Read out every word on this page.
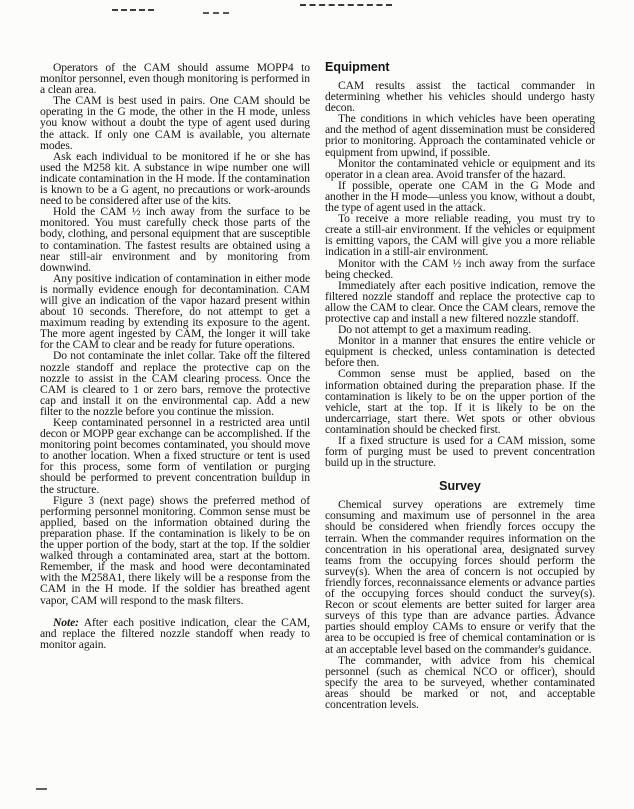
Operators of the CAM should assume MOPP4 to monitor personnel, even though monitoring is performed in a clean area.

The CAM is best used in pairs. One CAM should be operating in the G mode, the other in the H mode, unless you know without a doubt the type of agent used during the attack. If only one CAM is available, you alternate modes.

Ask each individual to be monitored if he or she has used the M258 kit. A substance in wipe number one will indicate contamination in the H mode. If the contamination is known to be a G agent, no precautions or work-arounds need to be considered after use of the kits.

Hold the CAM ½ inch away from the surface to be monitored. You must carefully check those parts of the body, clothing, and personal equipment that are susceptible to contamination. The fastest results are obtained using a near still-air environment and by monitoring from downwind.

Any positive indication of contamination in either mode is normally evidence enough for decontamination. CAM will give an indication of the vapor hazard present within about 10 seconds. Therefore, do not attempt to get a maximum reading by extending its exposure to the agent. The more agent ingested by CAM, the longer it will take for the CAM to clear and be ready for future operations.

Do not contaminate the inlet collar. Take off the filtered nozzle standoff and replace the protective cap on the nozzle to assist in the CAM clearing process. Once the CAM is cleared to 1 or zero bars, remove the protective cap and install it on the environmental cap. Add a new filter to the nozzle before you continue the mission.

Keep contaminated personnel in a restricted area until decon or MOPP gear exchange can be accomplished. If the monitoring point becomes contaminated, you should move to another location. When a fixed structure or tent is used for this process, some form of ventilation or purging should be performed to prevent concentration buildup in the structure.

Figure 3 (next page) shows the preferred method of performing personnel monitoring. Common sense must be applied, based on the information obtained during the preparation phase. If the contamination is likely to be on the upper portion of the body, start at the top. If the soldier walked through a contaminated area, start at the bottom. Remember, if the mask and hood were decontaminated with the M258A1, there likely will be a response from the CAM in the H mode. If the soldier has breathed agent vapor, CAM will respond to the mask filters.

Note: After each positive indication, clear the CAM, and replace the filtered nozzle standoff when ready to monitor again.

Equipment

CAM results assist the tactical commander in determining whether his vehicles should undergo hasty decon.

The conditions in which vehicles have been operating and the method of agent dissemination must be considered prior to monitoring. Approach the contaminated vehicle or equipment from upwind, if possible.

Monitor the contaminated vehicle or equipment and its operator in a clean area. Avoid transfer of the hazard.

If possible, operate one CAM in the G Mode and another in the H mode—unless you know, without a doubt, the type of agent used in the attack.

To receive a more reliable reading, you must try to create a still-air environment. If the vehicles or equipment is emitting vapors, the CAM will give you a more reliable indication in a still-air environment.

Monitor with the CAM ½ inch away from the surface being checked.

Immediately after each positive indication, remove the filtered nozzle standoff and replace the protective cap to allow the CAM to clear. Once the CAM clears, remove the protective cap and install a new filtered nozzle standoff.

Do not attempt to get a maximum reading.

Monitor in a manner that ensures the entire vehicle or equipment is checked, unless contamination is detected before then.

Common sense must be applied, based on the information obtained during the preparation phase. If the contamination is likely to be on the upper portion of the vehicle, start at the top. If it is likely to be on the undercarriage, start there. Wet spots or other obvious contamination should be checked first.

If a fixed structure is used for a CAM mission, some form of purging must be used to prevent concentration build up in the structure.

Survey

Chemical survey operations are extremely time consuming and maximum use of personnel in the area should be considered when friendly forces occupy the terrain. When the commander requires information on the concentration in his operational area, designated survey teams from the occupying forces should perform the survey(s). When the area of concern is not occupied by friendly forces, reconnaissance elements or advance parties of the occupying forces should conduct the survey(s). Recon or scout elements are better suited for larger area surveys of this type than are advance parties. Advance parties should employ CAMs to ensure or verify that the area to be occupied is free of chemical contamination or is at an acceptable level based on the commander's guidance.

The commander, with advice from his chemical personnel (such as chemical NCO or officer), should specify the area to be surveyed, whether contaminated areas should be marked or not, and acceptable concentration levels.
